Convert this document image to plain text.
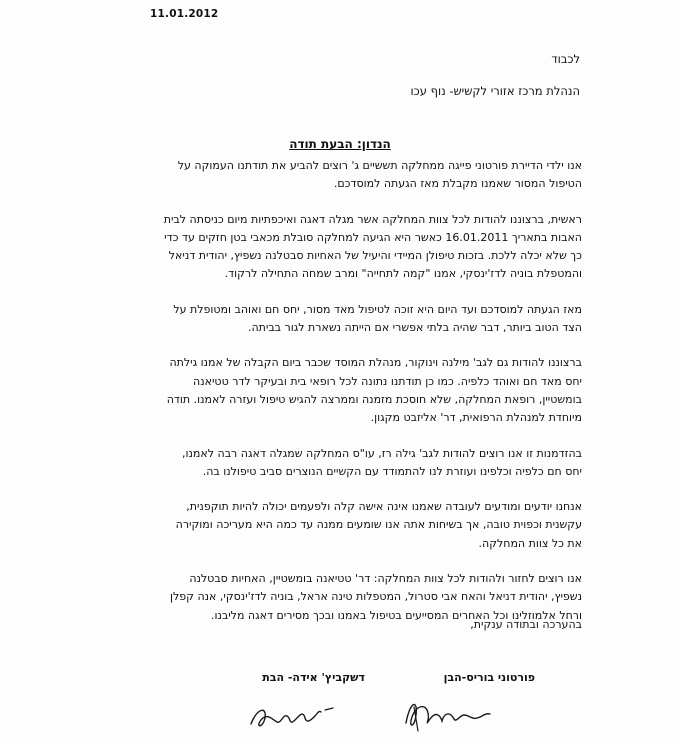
11.01.2012
לכבוד
הנהלת מרכז אזורי לקשיש- נוף עכו
הנדון: הבעת תודה

אנו ילדי הדיירת פורטוני פייגה ממחלקה תששיים ג' רוצים להביע את תודתנו העמוקה על הטיפול המסור שאמנו מקבלת מאז הגעתה למוסדכם.

ראשית, ברצוננו להודות לכל צוות המחלקה אשר מגלה דאגה ואיכפתיות מיום כניסתה לבית האבות בתאריך 16.01.2011 כאשר היא הגיעה למחלקה סובלת מכאבי בטן חזקים עד כדי כך שלא יכלה ללכת. בזכות טיפולן המיידי והיעיל של האחיות סבטלנה נשפיץ, יהודית דניאל והמטפלת בוניה לדז'ינסקי, אמנו "קמה לתחייה" ומרב שמחה התחילה לרקוד.

מאז הגעתה למוסדכם ועד היום היא זוכה לטיפול מאד מסור, יחס חם ואוהב ומטופלת על הצד הטוב ביותר, דבר שהיה בלתי אפשרי אם הייתה נשארת לגור בביתה.

ברצוננו להודות גם לגב' מילנה וינוקור, מנהלת המוסד שכבר ביום הקבלה של אמנו גילתה יחס מאד חם ואוהד כלפיה. כמו כן תודתנו נתונה לכל רופאי בית ובעיקר לדר טטיאנה בומשטיין, רופאת המחלקה, שלא חוסכת מזמנה וממרצה להגיש טיפול ועזרה לאמנו. תודה מיוחדת למנהלת הרפואית, דר' אליזבט מקגון.

בהזדמנות זו אנו רוצים להודות לגב' גילה רז, עו"ס המחלקה שמגלה דאגה רבה לאמנו, יחס חם כלפיה וכלפינו ועוזרת לנו להתמודד עם הקשיים הנוצרים סביב טיפולנו בה.

אנחנו יודעים ומודעים לעובדה שאמנו אינה אישה קלה ולפעמים יכולה להיות תוקפנית, עקשנית וכפוית טובה, אך בשיחות אתה אנו שומעים ממנה עד כמה היא מעריכה ומוקירה את כל צוות המחלקה.

אנו רוצים לחזור ולהודות לכל צוות המחלקה: דר' טטיאנה בומשטיין, האחיות סבטלנה נשפיץ, יהודית דניאל והאח אבי סטרול, המטפלות טינה אראל, בוניה לדז'ינסקי, אנה קפלן ורחל אלמוזלינו וכל האחרים המסייעים בטיפול באמנו ובכך מסירים דאגה מליבנו.

בהערכה ובתודה ענקית,
פורטוני בוריס-הבן
דשקביץ' אידה- הבת
